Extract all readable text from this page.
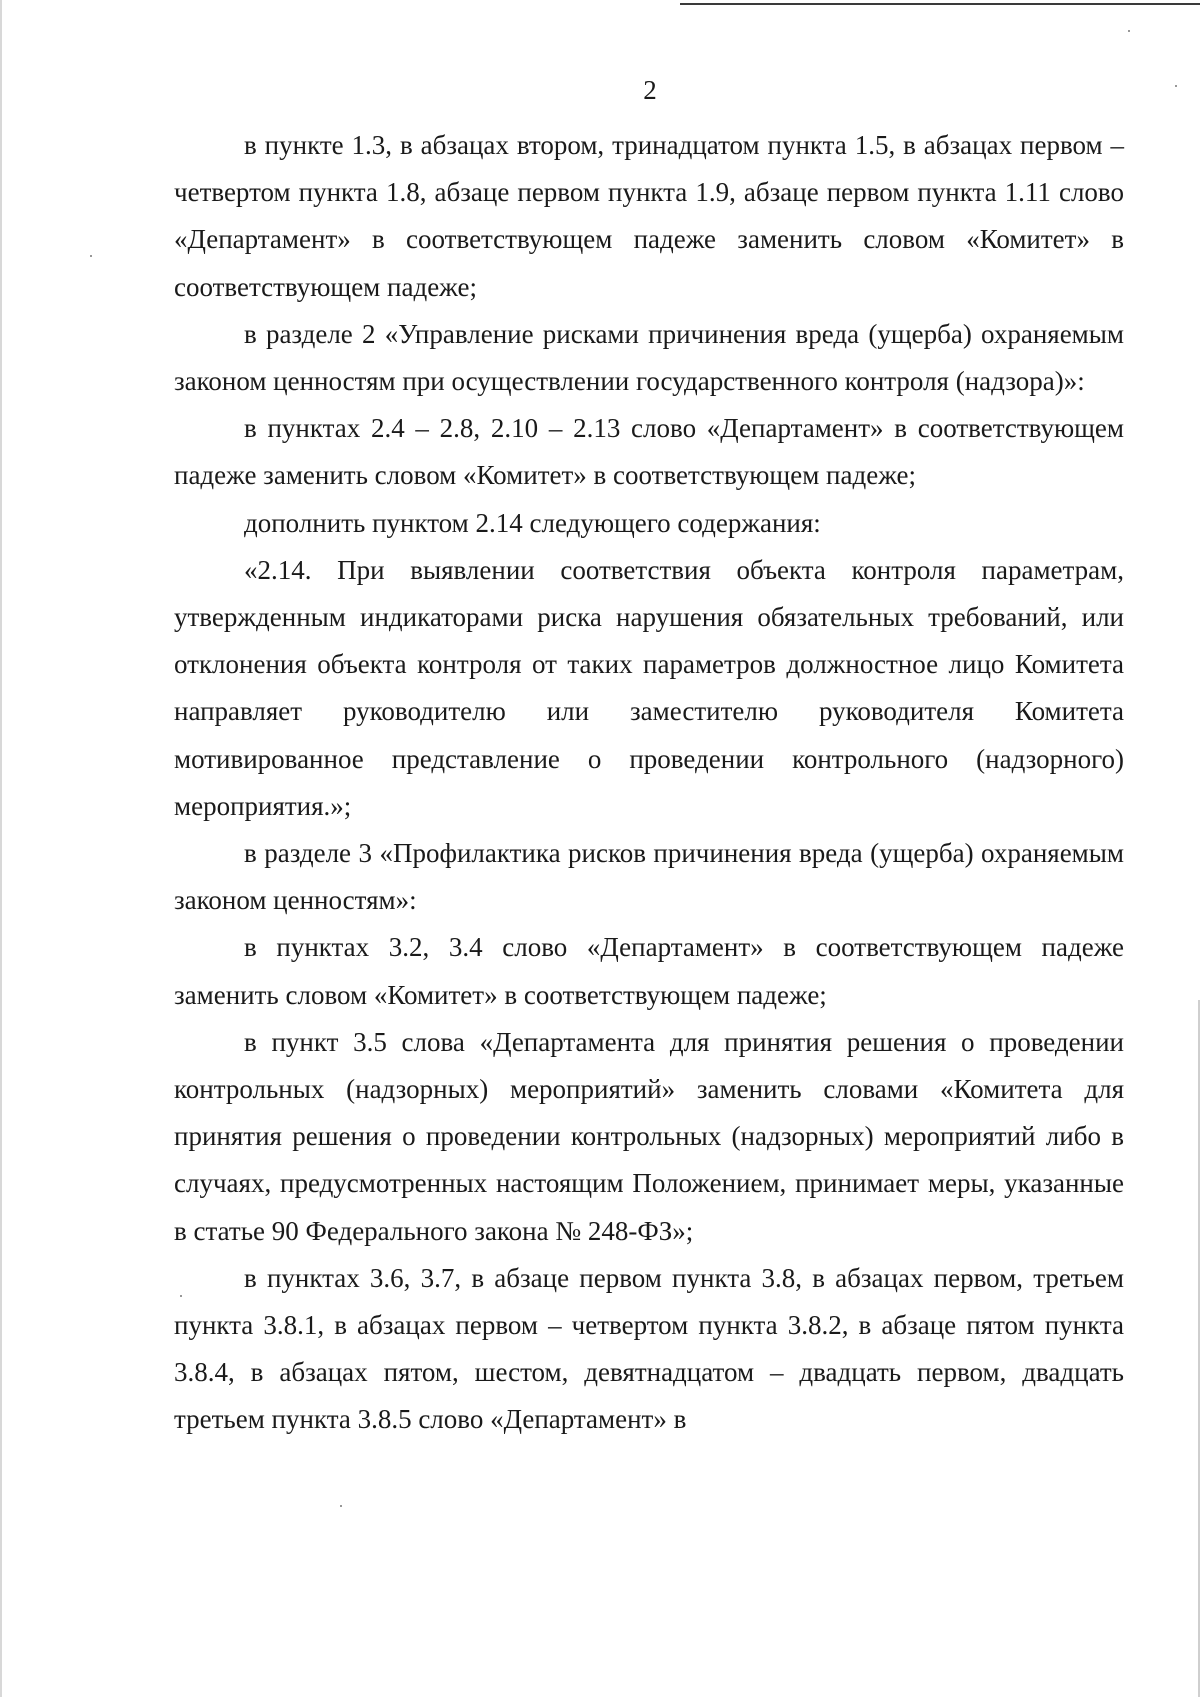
2

в пункте 1.3, в абзацах втором, тринадцатом пункта 1.5, в абзацах первом – четвертом пункта 1.8, абзаце первом пункта 1.9, абзаце первом пункта 1.11 слово «Департамент» в соответствующем падеже заменить словом «Комитет» в соответствующем падеже;

в разделе 2 «Управление рисками причинения вреда (ущерба) охраняемым законом ценностям при осуществлении государственного контроля (надзора)»:

в пунктах 2.4 – 2.8, 2.10 – 2.13 слово «Департамент» в соответствующем падеже заменить словом «Комитет» в соответствующем падеже;

дополнить пунктом 2.14 следующего содержания:

«2.14. При выявлении соответствия объекта контроля параметрам, утвержденным индикаторами риска нарушения обязательных требований, или отклонения объекта контроля от таких параметров должностное лицо Комитета направляет руководителю или заместителю руководителя Комитета мотивированное представление о проведении контрольного (надзорного) мероприятия.»;

в разделе 3 «Профилактика рисков причинения вреда (ущерба) охраняемым законом ценностям»:

в пунктах 3.2, 3.4 слово «Департамент» в соответствующем падеже заменить словом «Комитет» в соответствующем падеже;

в пункт 3.5 слова «Департамента для принятия решения о проведении контрольных (надзорных) мероприятий» заменить словами «Комитета для принятия решения о проведении контрольных (надзорных) мероприятий либо в случаях, предусмотренных настоящим Положением, принимает меры, указанные в статье 90 Федерального закона № 248-ФЗ»;

в пунктах 3.6, 3.7, в абзаце первом пункта 3.8, в абзацах первом, третьем пункта 3.8.1, в абзацах первом – четвертом пункта 3.8.2, в абзаце пятом пункта 3.8.4, в абзацах пятом, шестом, девятнадцатом – двадцать первом, двадцать третьем пункта 3.8.5 слово «Департамент» в
